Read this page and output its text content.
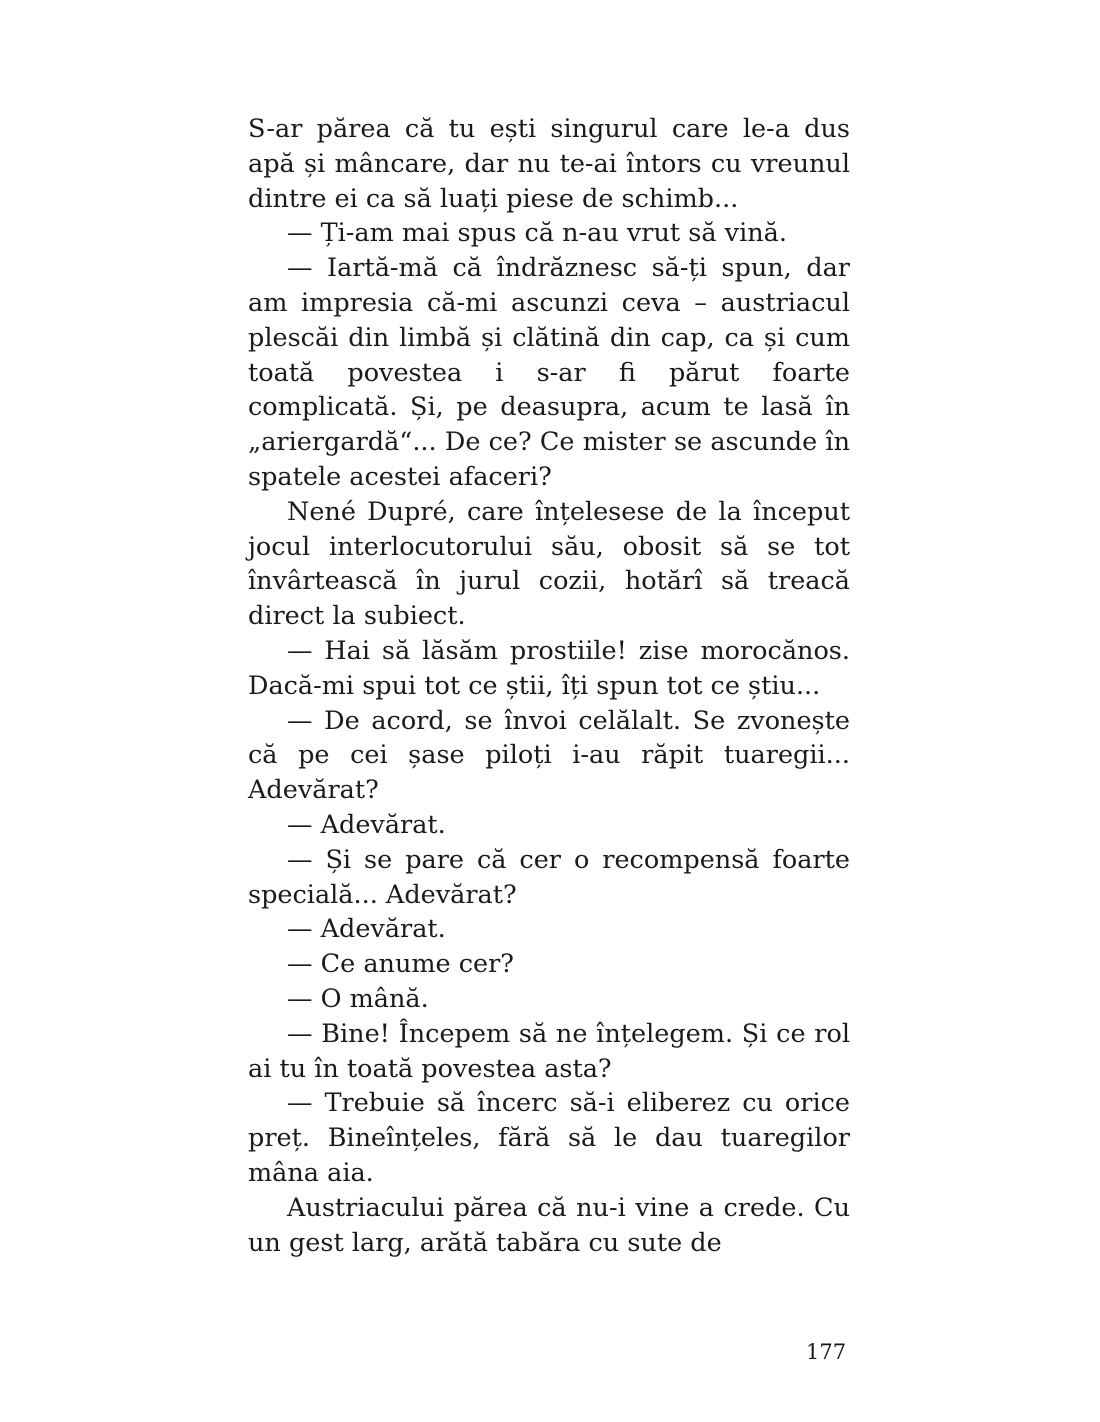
S-ar părea că tu ești singurul care le-a dus apă și mâncare, dar nu te-ai întors cu vreunul dintre ei ca să luați piese de schimb...

— Ți-am mai spus că n-au vrut să vină.

— Iartă-mă că îndrăznesc să-ți spun, dar am impresia că-mi ascunzi ceva – austriacul plescăi din limbă și clătină din cap, ca și cum toată povestea i s-ar fi părut foarte complicată. Și, pe deasupra, acum te lasă în „ariergardă“... De ce? Ce mister se ascunde în spatele acestei afaceri?

Nené Dupré, care înțelesese de la început jocul interlocutorului său, obosit să se tot învârtească în jurul cozii, hotărî să treacă direct la subiect.

— Hai să lăsăm prostiile! zise morocănos. Dacă-mi spui tot ce știi, îți spun tot ce știu...

— De acord, se învoi celălalt. Se zvonește că pe cei șase piloți i-au răpit tuaregii... Adevărat?

— Adevărat.

— Și se pare că cer o recompensă foarte specială... Adevărat?

— Adevărat.

— Ce anume cer?

— O mână.

— Bine! Începem să ne înțelegem. Și ce rol ai tu în toată povestea asta?

— Trebuie să încerc să-i eliberez cu orice preț. Bineînțeles, fără să le dau tuaregilor mâna aia.

Austriacului părea că nu-i vine a crede. Cu un gest larg, arătă tabăra cu sute de

177
